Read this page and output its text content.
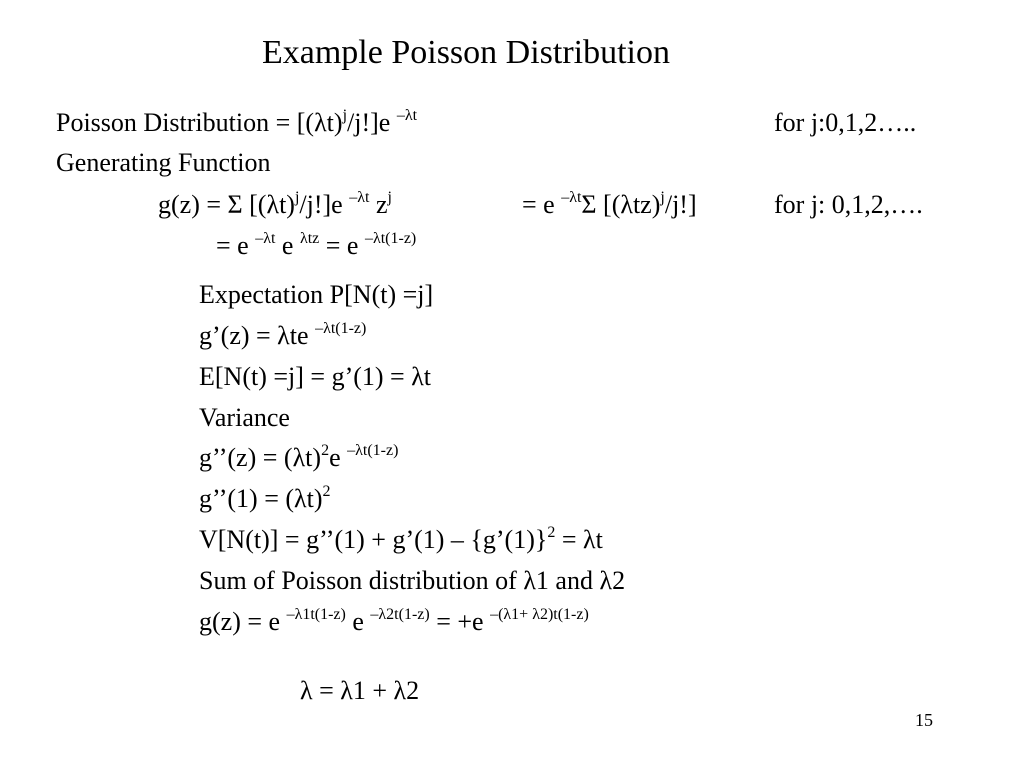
Example Poisson Distribution
Poisson Distribution = $[(\lambda t)^j/j!]e$ $^{-\lambda t}$	for j:0,1,2…..
Generating Function
g(z) = Σ $[(\lambda t)^j/j!]e$ $^{-\lambda t}$ $z^j$	= e $^{-\lambda t}$Σ $[(\lambda tz)^j/j!]$	for j: 0,1,2,….
= e $^{-\lambda t}$ e $^{\lambda tz}$ = e $^{-\lambda t(1-z)}$
Expectation P[N(t) =j]
g’(z) = λte $^{-\lambda t(1-z)}$
E[N(t) =j] = g’(1) = λt
Variance
g’’(z) = $(\lambda t)^2e$ $^{-\lambda t(1-z)}$
g’’(1) = $(\lambda t)^2$
V[N(t)] = g’’(1) + g’(1) – {g’(1)}$^2$ = λt
Sum of Poisson distribution of λ1 and λ2
g(z) = e $^{-\lambda 1t(1-z)}$ e $^{-\lambda 2t(1-z)}$ = +e $^{-(\lambda 1+ \lambda 2)t(1-z)}$
λ = λ1 + λ2
15
